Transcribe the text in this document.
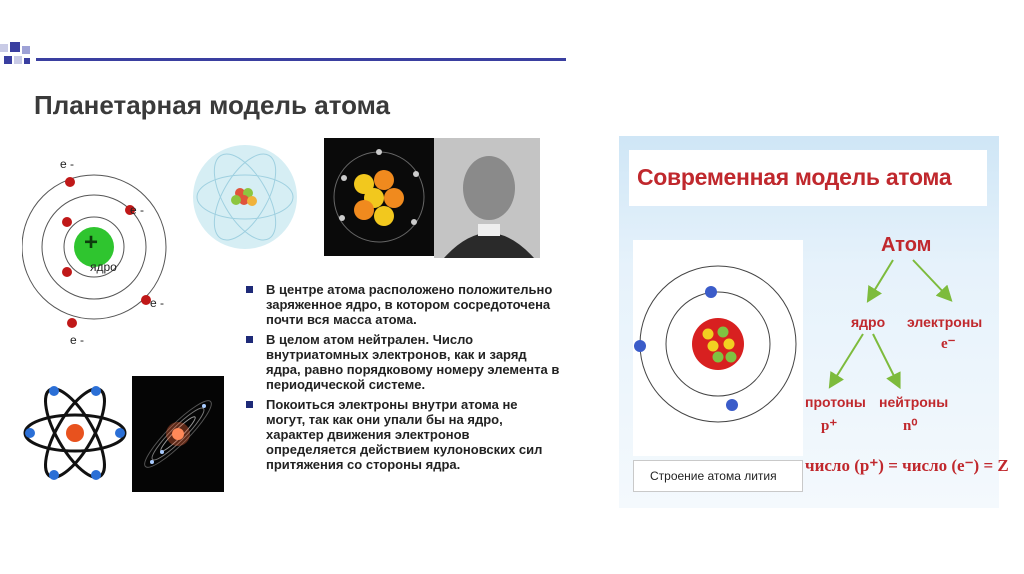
Планетарная модель атома
e -
e -
e -
e -
+
ядро
В центре атома расположено положительно заряженное ядро, в котором сосредоточена почти вся масса атома.
В целом атом нейтрален. Число внутриатомных электронов, как и заряд ядра, равно порядковому номеру элемента в периодической системе.
Покоиться электроны внутри атома не могут, так как они упали бы на ядро, характер движения электронов определяется действием кулоновских сил притяжения со стороны ядра.
Современная модель атома
Строение атома лития
Атом
ядро электроны
e⁻
протоны
p⁺
нейтроны
n⁰
число (p⁺) = число (e⁻) = Z
